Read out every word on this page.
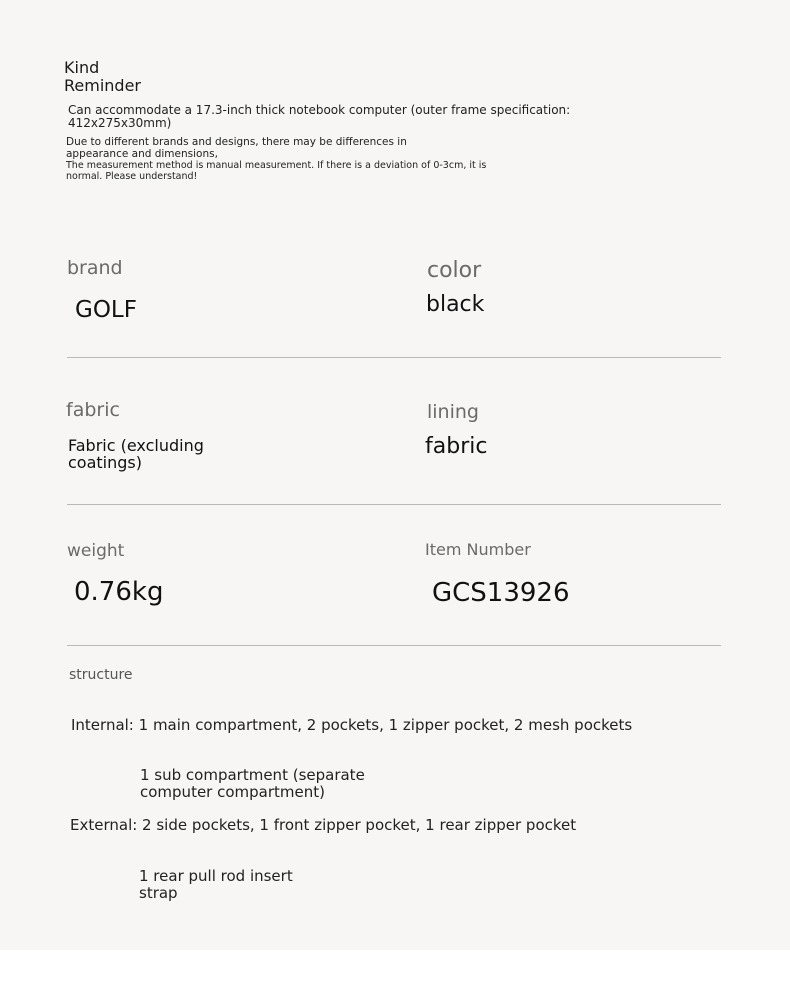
Kind
Reminder
Can accommodate a 17.3-inch thick notebook computer (outer frame specification:
412x275x30mm)
Due to different brands and designs, there may be differences in
appearance and dimensions,
The measurement method is manual measurement. If there is a deviation of 0-3cm, it is
normal. Please understand!
brand
GOLF
color
black
fabric
Fabric (excluding
coatings)
lining
fabric
weight
0.76kg
Item Number
GCS13926
structure
Internal: 1 main compartment, 2 pockets, 1 zipper pocket, 2 mesh pockets
1 sub compartment (separate
computer compartment)
External: 2 side pockets, 1 front zipper pocket, 1 rear zipper pocket
1 rear pull rod insert
strap
